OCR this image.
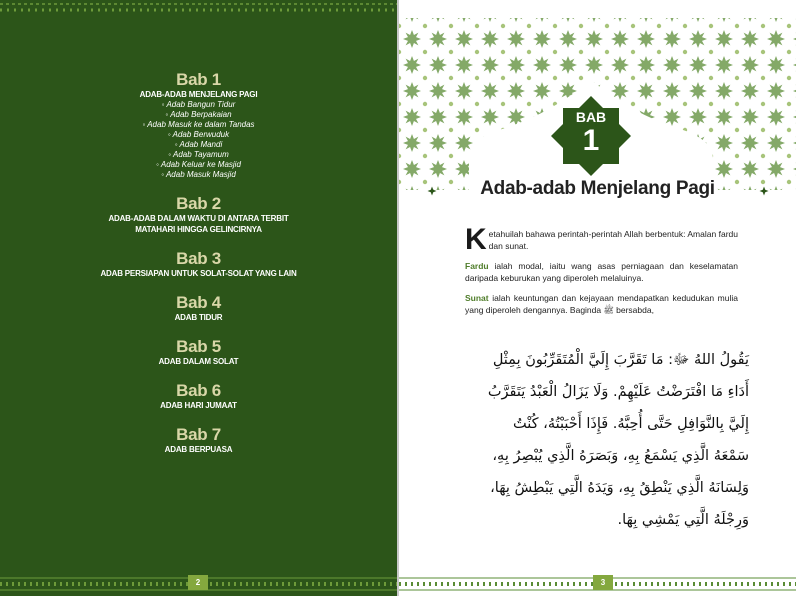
Bab 1
ADAB-ADAB MENJELANG PAGI
◦ Adab Bangun Tidur
◦ Adab Berpakaian
◦ Adab Masuk ke dalam Tandas
◦ Adab Berwuduk
◦ Adab Mandi
◦ Adab Tayamum
◦ Adab Keluar ke Masjid
◦ Adab Masuk Masjid
Bab 2
ADAB-ADAB DALAM WAKTU DI ANTARA TERBIT MATAHARI HINGGA GELINCIRNYA
Bab 3
ADAB PERSIAPAN UNTUK SOLAT-SOLAT YANG LAIN
Bab 4
ADAB TIDUR
Bab 5
ADAB DALAM SOLAT
Bab 6
ADAB HARI JUMAAT
Bab 7
ADAB BERPUASA
2
BAB
1
Adab-adab Menjelang Pagi

Ketahuilah bahawa perintah-perintah Allah berbentuk: Amalan fardu dan sunat.

Fardu ialah modal, iaitu wang asas perniagaan dan keselamatan daripada keburukan yang diperoleh melaluinya.

Sunat ialah keuntungan dan kejayaan mendapatkan kedudukan mulia yang diperoleh dengannya. Baginda ﷺ bersabda,

يَقُولُ اللهُ ﷻ: مَا تَقَرَّبَ إِلَيَّ الْمُتَقَرِّبُونَ بِمِثْلِ
أَدَاءِ مَا افْتَرَضْتُ عَلَيْهِمْ. وَلَا يَزَالُ الْعَبْدُ يَتَقَرَّبُ
إِلَيَّ بِالنَّوَافِلِ حَتَّى أُحِبَّهُ. فَإِذَا أَحْبَبْتُهُ، كُنْتُ
سَمْعَهُ الَّذِي يَسْمَعُ بِهِ، وَبَصَرَهُ الَّذِي يُبْصِرُ بِهِ،
وَلِسَانَهُ الَّذِي يَنْطِقُ بِهِ، وَيَدَهُ الَّتِي يَبْطِشُ بِهَا،
وَرِجْلَهُ الَّتِي يَمْشِي بِهَا.
3
